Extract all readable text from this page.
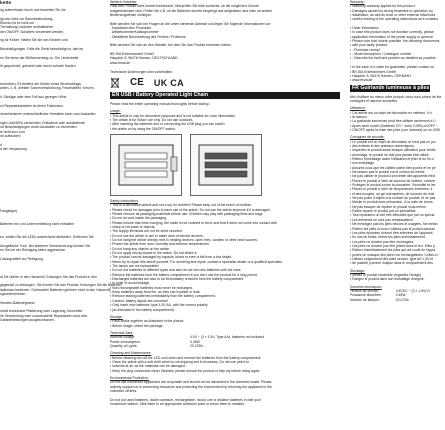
kette
ng aufmerksam durch und beachten Sie die

igt und nicht zur Raumbeleuchtung
Ebenso ist es nicht zur
Tierhaltung) und/oder andhaltlichen
sen ON/OFF-Schalters verwendet werden.

ng für Kinder. Halten Sie sie von Kindern und

Beschädigungen. Falls die Gerät beschädigt ist, darf es

en Sie diese der Müllverwertung zu. Die Lichterkette

ht gequetscht, geknickt oder durch scharfe Kanten

eschützen. Es bedient die Gefahr eines Stromschlags,
anten, z. B. direkter Sonneneinstrahlung, Feuerstellen, Kerzen,

lt, Schläge oder dem Fall aus geringer Höhe

ch Reparaturarbeiten an einen Fachmann.

verschiedenen unterschiedlicher Hersteller kann zum Auslaufen

ngen (ca/NiZN) verwenden. Entladene oder auslaufende
nd Beschädigungen durch Auslaufen zu vermeiden.
ie nicht kurz und
nd auflauden!

d
d der Verpackung
Fangkegel)

Batterien ein und Lederverkettung nicht enthalten

en, sollten Sie die LEDs ausreichend abdichten. Entfernen Sie

Ausgeflanke Tuch. Bei stärkerer Verschmutzung können Sie
en Sie bei der Reinigung keine aggressiven

Lösungsmittel zur Reinigung.

at Sie dürfen in den Hausmüll. Entsorgen Sie das Produkt in den

gsgemäß zu entsorgen. Sie können Sie das Produkt. Entsorgen Sie die Batterien
ladkusam bedienen. Gebrauchte Batterien gehören nicht in den Hausmüll
ngsunternehmen

Hinweis-Batteriegesetz

ntuell technische Plattierung oder Lagerung, Inkorrekte
he Verwendung oder unautorisierte Reparaturen sind oder
Garantieleistungen ausgeschlossen.
Weitere Hinweise:
Falls das Produkt nicht korrekt funktioniert, überprüfen Sie bitte zunächst, ob die möglichen Gründe
ausgeschlossen sind. Prüfen Sie z.B. ob die Batterien korrekt eingelegt und aufgeladen sind oder ob andere
Bedienungsfehler vorliegen.

Bitte wenden Sie sich bei Fragen an die unten stehende Adresse und legen Sie folgende Informationen vor:
- Kaufdatum des Produktes
- Artikelnummer/Katalognummer
- Detaillierte Beschreibung des Fehlers / Problems

Bitte wenden Sie sich an den Händler, bei dem Sie das Produkt erworben haben.

BR-SIA Entertainment GmbH
Hauptstr. 8, 96476 Hansen, DEUTSCHLAND
www.brsia.de

Technische Änderungen sind vorbehalten.
CE UK CA
EN USB / Battery Operated Light Chain
Please read the entire operating manual thoroughly before startup.
Usage:
▪ This article is only for decorative purposes and is not suitable for room illumination.
▪ The article is for indoor use only. Do not use outdoors.
▪ After inserting the batteries and or connecting the USB plug you can switch
▪ the article on by using the ON/OFF switch.
Safety Instructions
▪ This is a decoration article and not a toy for children! Please keep out of the reach of children.
▪ Please check for damages prior to each use of the article. Do not use the article anymore if it is damaged.
▪ Please remove all packaging materials before use. Children may play with packaging films and bags.
▪ Do not let cord inside the packaging.
▪ Please ensure that when hanging, the cable is not crushed or bent, and that it does not come into contact with
▪ sharp or hot parts or objects.
▪ The supply terminals are not be short circuited.
▪ Do not use the article in wet or water area of electric devices.
▪ Do not hang the article directly next to heating devices, open fires, candles or other heat sources.
▪ Protect the article from dust, humidity and extreme temperatures.
▪ Do not hang any objects on the article.
▪ Do not apply strong impact to the article. Do not shake it.
▪ The product can be damaged by impacts, blows or even a fall from a low height.
▪ Never try to repair this article yourself. For servicing and repair, contact a specialist dealer or a qualified specialist.
▪ The lamps are not replaceable!
▪ Do not mix batteries of different types and also do not mix new batteries with old ones.
▪ Remove the batteries from the battery compartment if you don't use the product for a long period.
▪ Discharged batteries are also to be immediately removed from the battery compartment
▪ in order to avoid leakage.
▪ Non-rechargeable batteries must never be recharged.
▪ Keep batteries away from fire, as they can explode or leak.
▪ Remove leaking batteries immediately from the battery compartment.
▪ Caution: battery liquids are corrosive!
▪ Only insert new batteries, type 1.5V AA, with the correct polarity
▪ (as indicated in the battery compartment).
Storage:
▪ Pass article together as illustrated in the picture.
▪ Before usage, check the package.
Technical Data:
Nominal voltage:	4.5V ~ (3 × 1.5V, Type AA), batteries not included
Power consumption:	0.45W
Quantity of Lights:	20 LEDs
Cleaning and Maintenance:
▪ Before cleaning turn off the LED cool down and remove the batteries from the battery compartment.
▪ Clean the article with a soft cloth which is not dripping wet if necessary. Do not use petrol or
▪ solvents at all, as the materials can be damaged.
▪ Keep the plug connection clean. Besides, please ensure the product is fully dry before using again.
Environmental Protection:
Do not use household appliances are recyclable and should not be discarded in the domestic waste. Please
actively support us in conserving resources and protecting the environment by returning the appliance to the
collection centres.

Do not put used batteries, nickel cadmium, rechargeable, mould one or alkaline batteries in with your
household rubbish. Take them to an appropriate collection point or return them to retailers.
Warranty:
▪ Statutory warranty applies for this product.
▪ Damages caused by wrong treatment or operation, by
▪ installation, as well as force or other external influences
▪ careful reading of the operating instructions as it contains

▪ Other Information:
▪ In case this product does not function correctly, please
▪ application information of the power supply or general
▪ Please note that, where possible, the following documents
▪ with your faulty product:
▪ - Purchase receipt
▪ - Model description / Catalogue number
▪ - Describe the fault and problem as detailed as possible

▪ In the case of a claim for guarantee, please contact us:
▪ BR-SIA Entertainment GmbH
▪ Hauptstr. 8, 96476 Hansen, GERMANY
▪ www.brsia.de
FR Guirlande lumineuse à piles / USB
Afin d'utiliser au mieux votre produit, nous vous prions de lire
consignes et astuces suivantes.
Utilisation:
▪ Cet article est un objet de décoration en intérieur. Il n'
▪ la maison.
▪ La guirlande lumineuse peut être utilisée seulement à l'i
▪ Après avoir ouvert (Batteries CR ~ et/ou l'USB) on/OFF ~
▪ ON/OFF après la mise des piles (non incluses) ou en USB
Consignes de sécurité:
▪ Le produit est un objet de décoration et n'est pas un jou
▪ des enfants et des animaux domestiques.
▪ Inspectez le produit avant chaque utilisation pour vérifie
▪ dommage, le produit ne doit plus jamais être utilisé.
▪ Retirez l'emballage avant l'utilisation et jeter le en fin d
▪ son emballage.
▪ Assurez-vous que les câbles soient bien posés et ne pe
▪ Ne laissez pas le produit sur le cordon lui-même.
▪ Ne pas utiliser le produit à proximité des appareils élect
▪ Placez le produit à l'abri de sources de chaleur, comme
▪ Protégez le produit contre la poussière, l'humidité et les
▪ Placez le produit à l'abri de températures extrêmes, d
▪ et des bougies, du gel intempéries, de sources de chal
▪ Ne pas poser d'objets à la surface du produit, et ne pas
▪ Manier le produit avec précaution. À la suite de chocs,
▪ Ne pas essayer de réparer le produit vous-même.
▪ Faites réparer le produit par un spécialiste.
▪ Tout réparation ou fait être effectuée que par un spécia
▪ Les éléments ne sont pas remplaçables!
▪ Ne mélangez pas les piles neuves et usagées. Ne mélan
▪ Retirez les piles si vous n'utilisez pas le produit pendan
▪ Les piles épuisées doivent être enlevées de l'appareil.
▪ En cas de fuites, retirez les piles immédiatement.
▪ Les piles ne doivent pas être rechargées.
▪ Les piles ne doivent pas être jetées dans le feu. Elles p
▪ Retirez immédiatement les piles qui ont coulé de l'appa
▪ portez un masque des piles non rechargeables. Celles-ci
▪ Utilisez uniquement des piles neuves, type AA 1,5V et
▪ de polarité (comme indiqué dans le compartiment des
Stockage:
▪ Mettez le produit ensemble (regardez l'image).
▪ Rangez le produit dans son emballage d'origine.
Données techniques:
Tension de service:	4.5VDC ~ (3 × 1.5V) D
Puissance absorbée:	0.45W
Nombre de lampes:	20 LEDs
